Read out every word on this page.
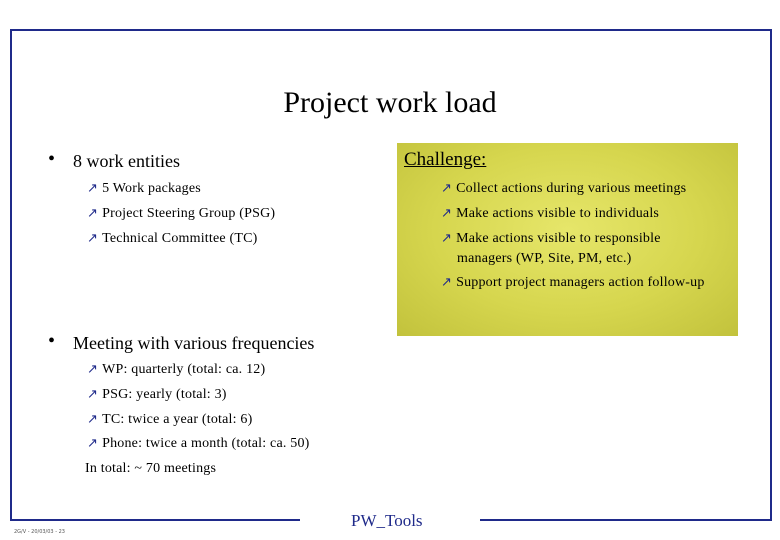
Project work load
Challenge:
↗ Collect actions during various meetings
↗ Make actions visible to individuals
↗ Make actions visible to responsible
managers (WP, Site, PM, etc.)
↗ Support project managers action follow-up
• 8 work entities
↗ 5 Work packages
↗ Project Steering Group (PSG)
↗ Technical Committee (TC)
• Meeting with various frequencies
↗ WP: quarterly (total: ca. 12)
↗ PSG: yearly (total: 3)
↗ TC: twice a year (total: 6)
↗ Phone: twice a month (total: ca. 50)
In total: ~ 70 meetings
PW_Tools
2G/V - 20/03/03 - 23
